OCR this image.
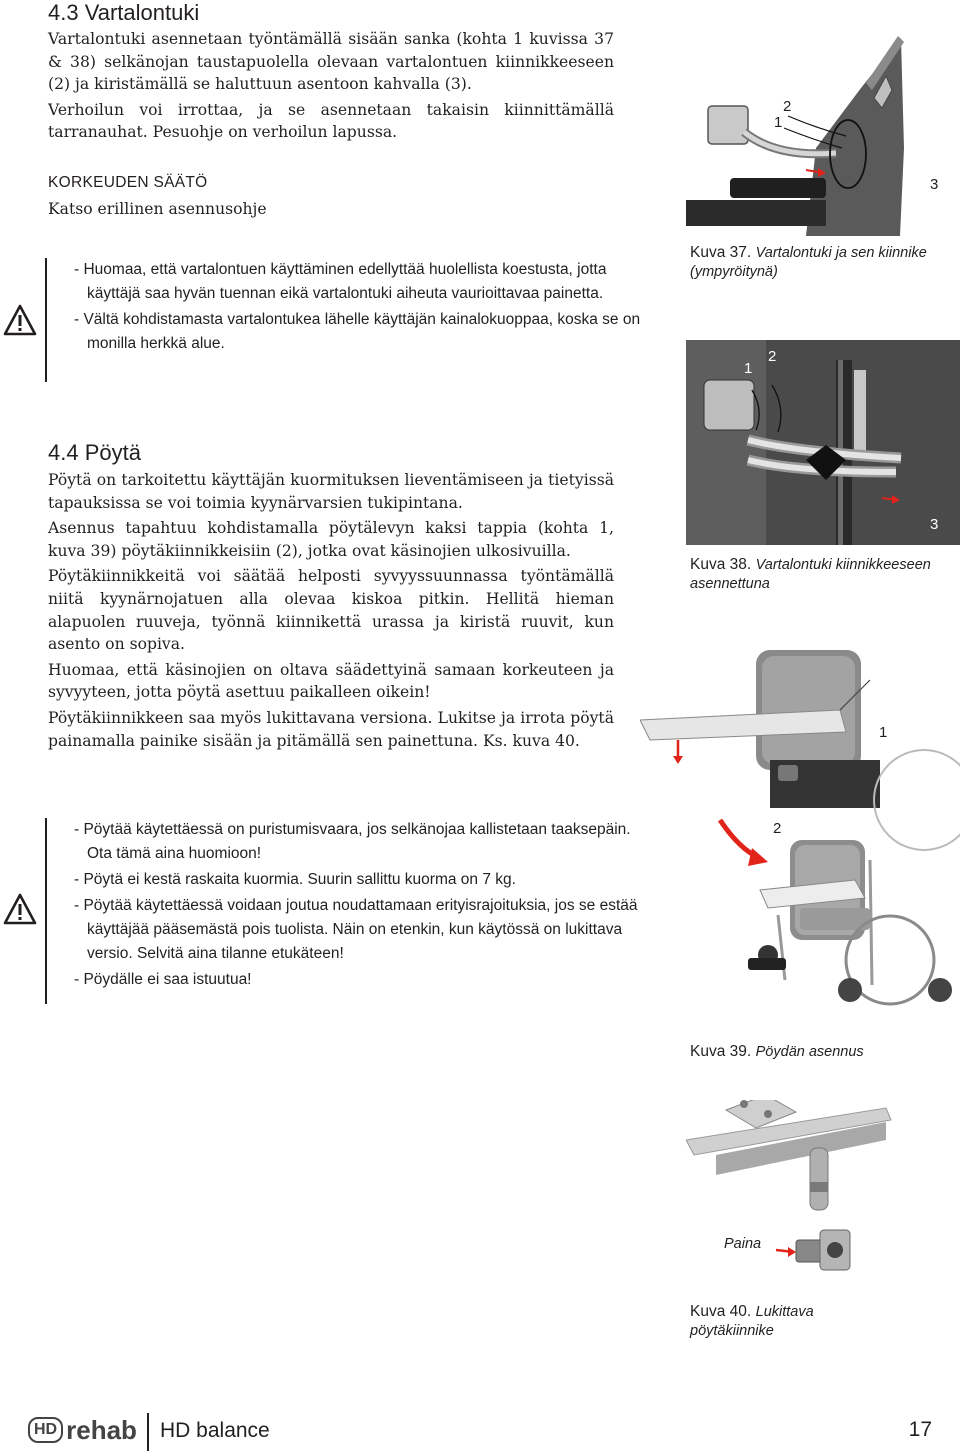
4.3 Vartalontuki

Vartalontuki asennetaan työntämällä sisään sanka (kohta 1 kuvissa 37 & 38) selkänojan taustapuolella olevaan vartalontuen kiinnikkeeseen (2) ja kiristämällä se haluttuun asentoon kahvalla (3).

Verhoilun voi irrottaa, ja se asennetaan takaisin kiinnittämällä tarranauhat. Pesuohje on verhoilun lapussa.

KORKEUDEN SÄÄTÖ
Katso erillinen asennusohje
- Huomaa, että vartalontuen käyttäminen edellyttää huolellista koestusta, jotta käyttäjä saa hyvän tuennan eikä vartalontuki aiheuta vaurioittavaa painetta.
- Vältä kohdistamasta vartalontukea lähelle käyttäjän kainalokuoppaa, koska se on monilla herkkä alue.
4.4 Pöytä

Pöytä on tarkoitettu käyttäjän kuormituksen lieventämiseen ja tietyissä tapauksissa se voi toimia kyynärvarsien tukipintana.

Asennus tapahtuu kohdistamalla pöytälevyn kaksi tappia (kohta 1, kuva 39) pöytäkiinnikkeisiin (2), jotka ovat käsinojien ulkosivuilla.

Pöytäkiinnikkeitä voi säätää helposti syvyyssuunnassa työntämällä niitä kyynärnojatuen alla olevaa kiskoa pitkin. Hellitä hieman alapuolen ruuveja, työnnä kiinnikettä urassa ja kiristä ruuvit, kun asento on sopiva.

Huomaa, että käsinojien on oltava säädettyinä samaan korkeuteen ja syvyyteen, jotta pöytä asettuu paikalleen oikein!

Pöytäkiinnikkeen saa myös lukittavana versiona. Lukitse ja irrota pöytä painamalla painike sisään ja pitämällä sen painettuna. Ks. kuva 40.

- Pöytää käytettäessä on puristumisvaara, jos selkänojaa kallistetaan taaksepäin. Ota tämä aina huomioon!
- Pöytä ei kestä raskaita kuormia. Suurin sallittu kuorma on 7 kg.
- Pöytää käytettäessä voidaan joutua noudattamaan erityisrajoituksia, jos se estää käyttäjää pääsemästä pois tuolista. Näin on etenkin, kun käytössä on lukittava versio. Selvitä aina tilanne etukäteen!
- Pöydälle ei saa istuutua!
2
1
3
Kuva 37. Vartalontuki ja sen kiinnike (ympyröitynä)
1
2
3
Kuva 38. Vartalontuki kiinnikkeeseen asennettuna
1
2
Kuva 39. Pöydän asennus
Paina
Kuva 40. Lukittava pöytäkiinnike
HD rehab HD balance	17
